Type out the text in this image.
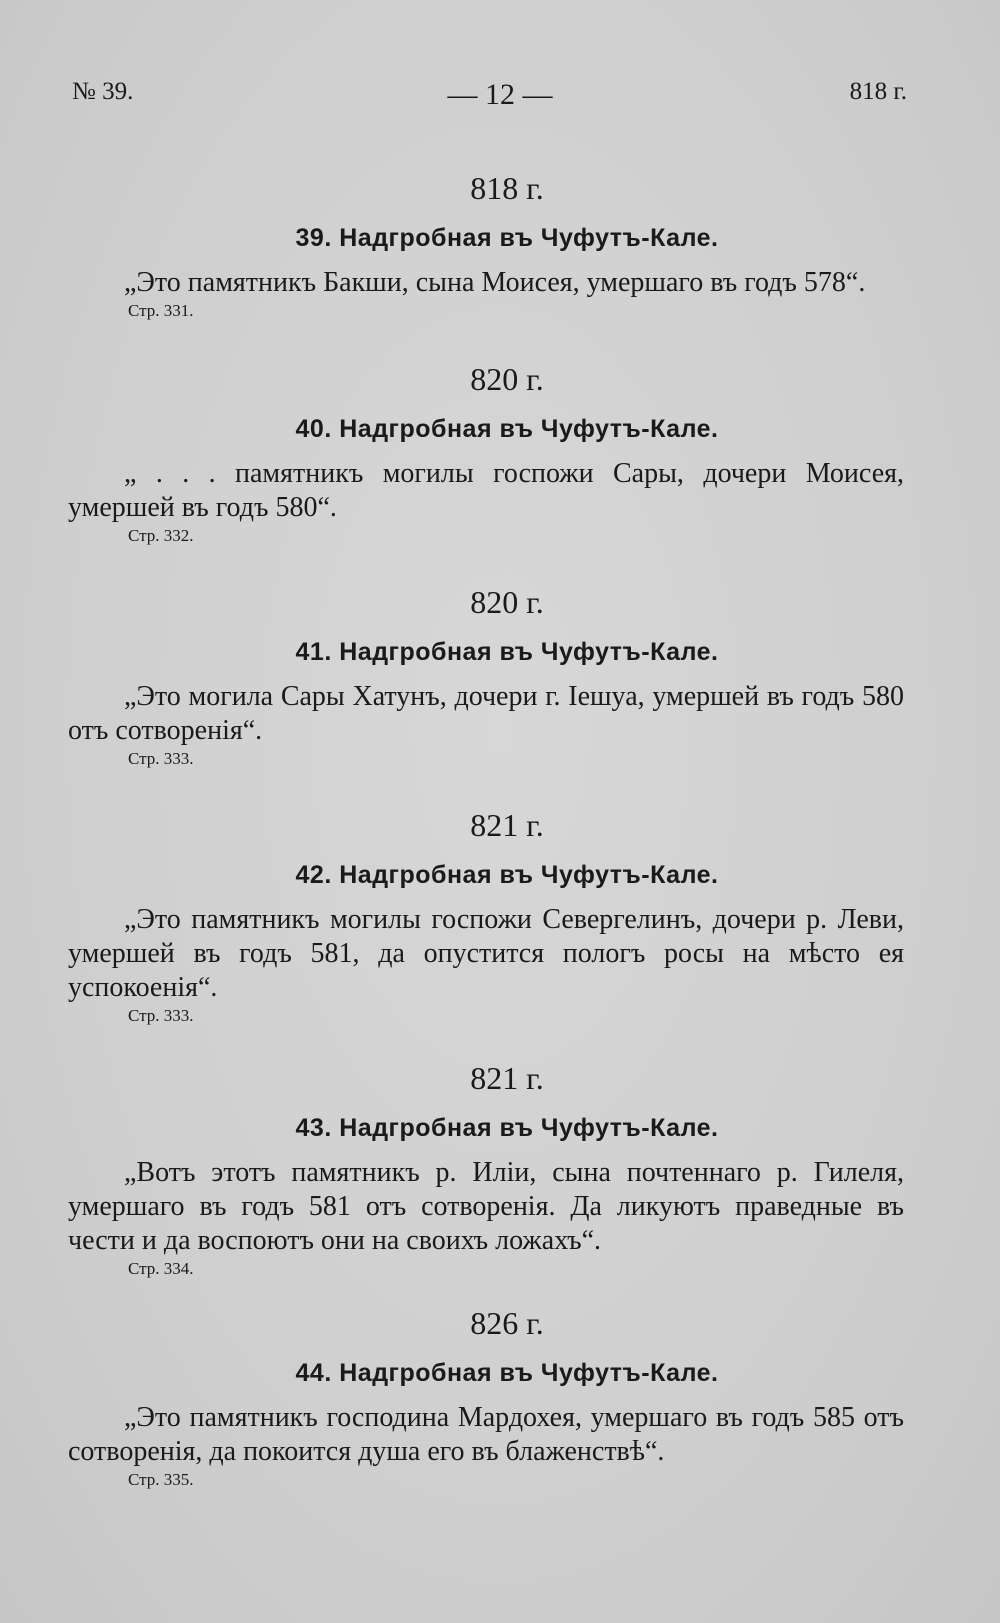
№ 39.	— 12 —	818 г.
818 г.
39. Надгробная въ Чуфутъ-Кале.
„Это памятникъ Бакши, сына Моисея, умершаго въ годъ 578“.
Стр. 331.
820 г.
40. Надгробная въ Чуфутъ-Кале.
„ . . . памятникъ могилы госпожи Сары, дочери Моисея, умершей въ годъ 580“.
Стр. 332.
820 г.
41. Надгробная въ Чуфутъ-Кале.
„Это могила Сары Хатунъ, дочери г. Iешуа, умершей въ годъ 580 отъ сотворенiя“.
Стр. 333.
821 г.
42. Надгробная въ Чуфутъ-Кале.
„Это памятникъ могилы госпожи Севергелинъ, дочери р. Леви, умершей въ годъ 581, да опустится пологъ росы на мѣсто ея успокоенiя“.
Стр. 333.
821 г.
43. Надгробная въ Чуфутъ-Кале.
„Вотъ этотъ памятникъ р. Илiи, сына почтеннаго р. Гилеля, умершаго въ годъ 581 отъ сотворенiя. Да ликуютъ праведные въ чести и да воспоютъ они на своихъ ложахъ“.
Стр. 334.
826 г.
44. Надгробная въ Чуфутъ-Кале.
„Это памятникъ господина Мардохея, умершаго въ годъ 585 отъ сотворенiя, да покоится душа его въ блаженствѣ“.
Стр. 335.
